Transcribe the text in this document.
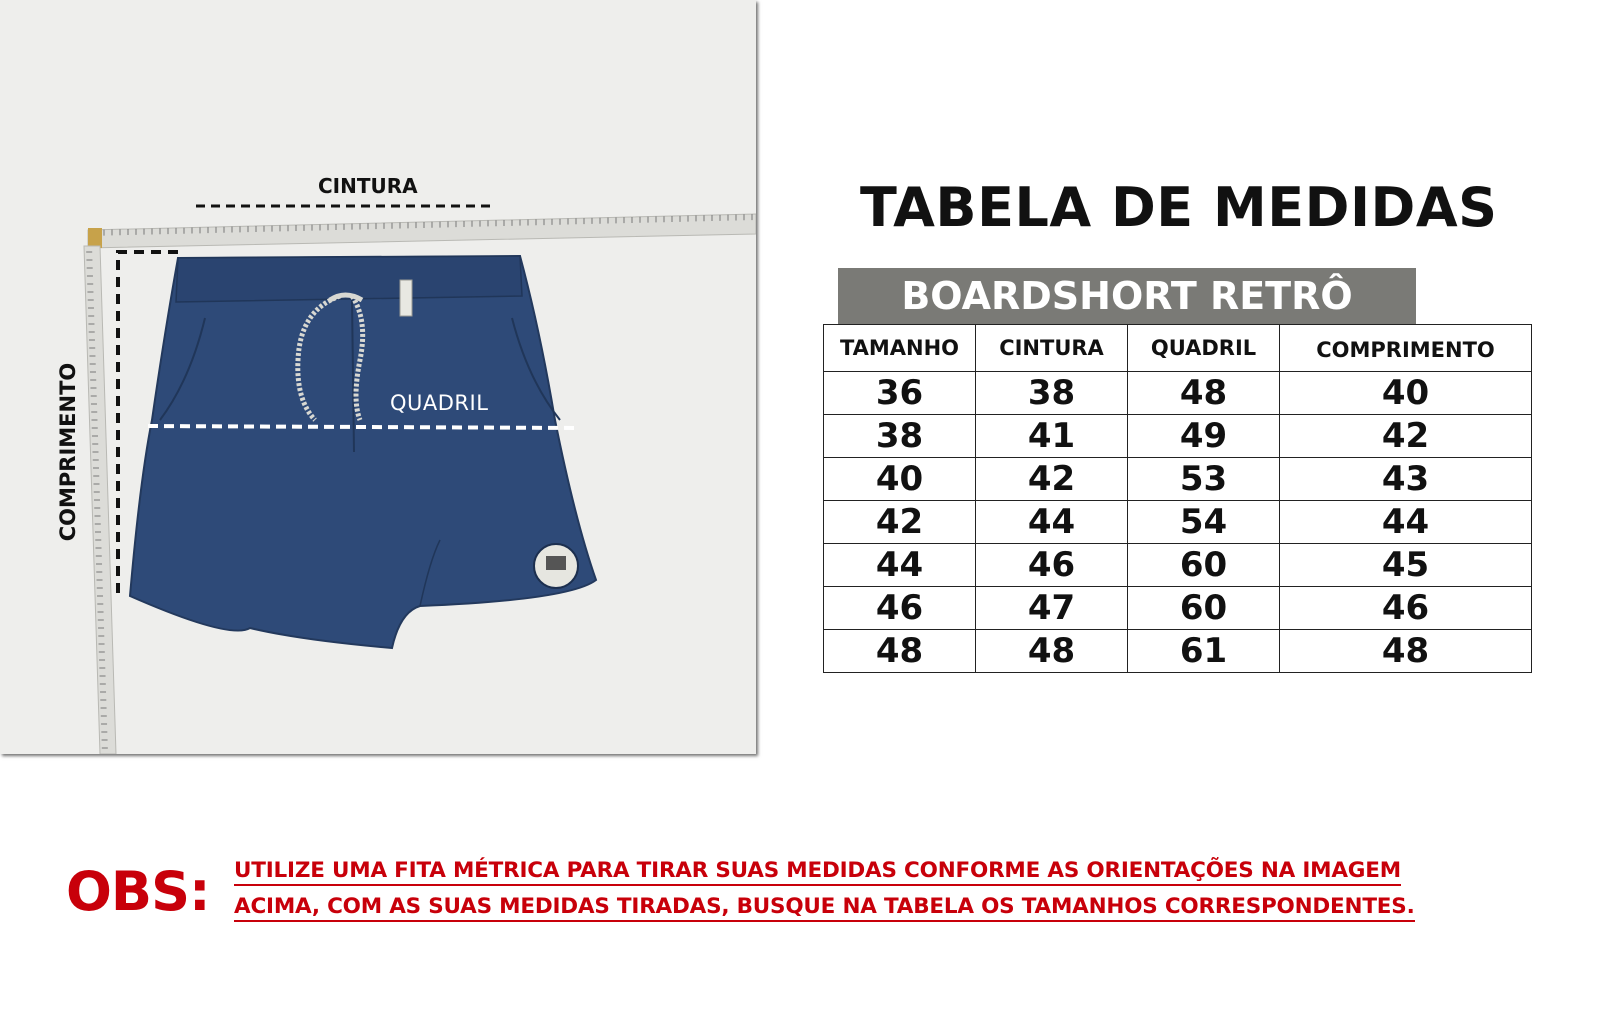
CINTURA
QUADRIL
COMPRIMENTO
TABELA DE MEDIDAS
BOARDSHORT RETRÔ
TAMANHO	CINTURA	QUADRIL	COMPRIMENTO
36	38	48	40
38	41	49	42
40	42	53	43
42	44	54	44
44	46	60	45
46	47	60	46
48	48	61	48
OBS: UTILIZE UMA FITA MÉTRICA PARA TIRAR SUAS MEDIDAS CONFORME AS ORIENTAÇÕES NA IMAGEM
ACIMA, COM AS SUAS MEDIDAS TIRADAS, BUSQUE NA TABELA OS TAMANHOS CORRESPONDENTES.
